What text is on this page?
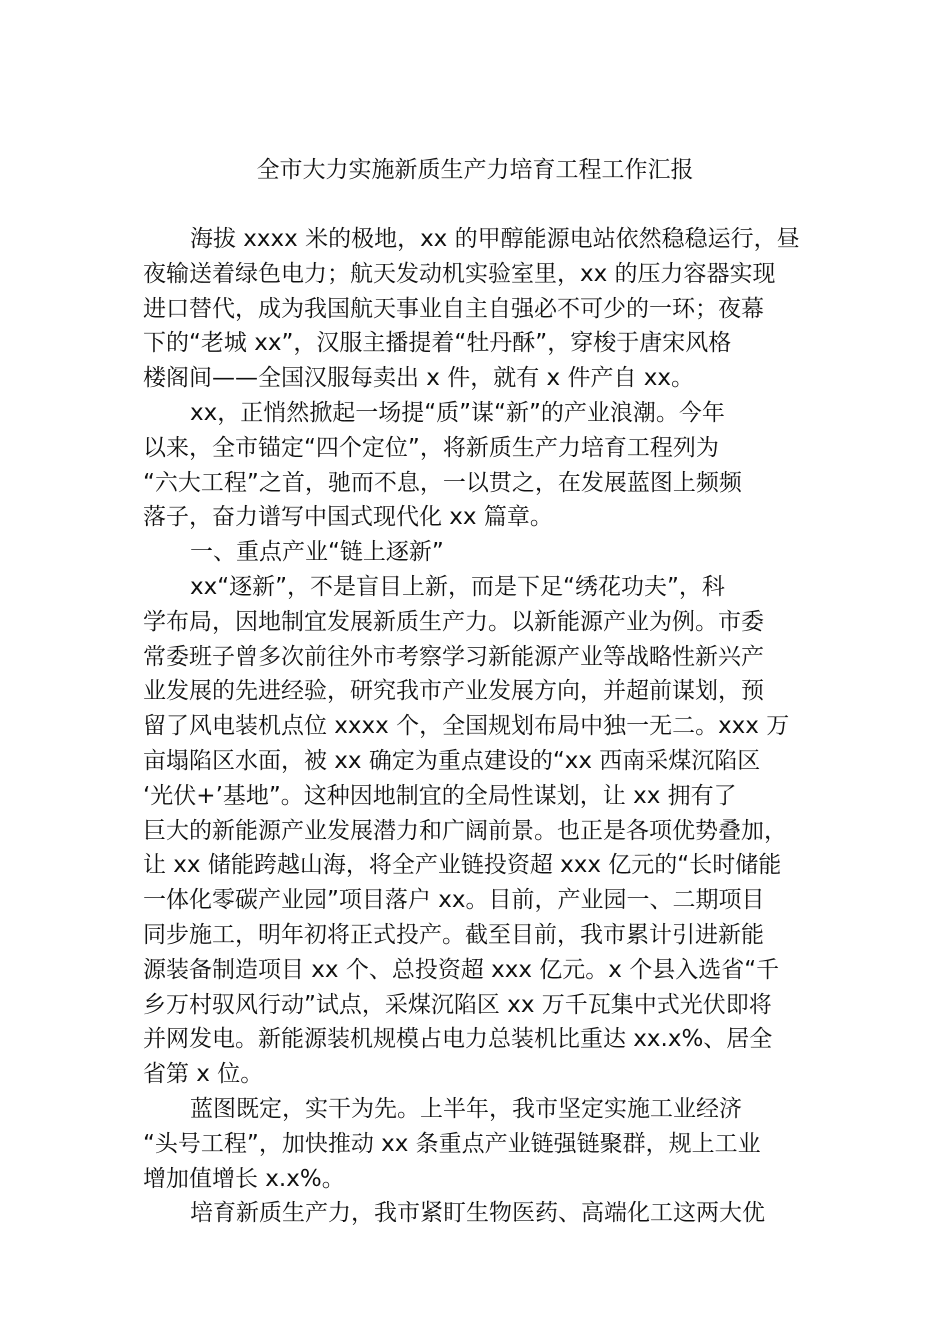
全市大力实施新质生产力培育工程工作汇报
海拔 xxxx 米的极地，xx 的甲醇能源电站依然稳稳运行，昼
夜输送着绿色电力；航天发动机实验室里，xx 的压力容器实现
进口替代，成为我国航天事业自主自强必不可少的一环；夜幕
下的“老城 xx”，汉服主播提着“牡丹酥”，穿梭于唐宋风格
楼阁间——全国汉服每卖出 x 件，就有 x 件产自 xx。
xx，正悄然掀起一场提“质”谋“新”的产业浪潮。今年
以来，全市锚定“四个定位”，将新质生产力培育工程列为
“六大工程”之首，驰而不息，一以贯之，在发展蓝图上频频
落子，奋力谱写中国式现代化 xx 篇章。
一、重点产业“链上逐新”
xx“逐新”，不是盲目上新，而是下足“绣花功夫”，科
学布局，因地制宜发展新质生产力。以新能源产业为例。市委
常委班子曾多次前往外市考察学习新能源产业等战略性新兴产
业发展的先进经验，研究我市产业发展方向，并超前谋划，预
留了风电装机点位 xxxx 个，全国规划布局中独一无二。xxx 万
亩塌陷区水面，被 xx 确定为重点建设的“xx 西南采煤沉陷区
‘光伏+’基地”。这种因地制宜的全局性谋划，让 xx 拥有了
巨大的新能源产业发展潜力和广阔前景。也正是各项优势叠加，
让 xx 储能跨越山海，将全产业链投资超 xxx 亿元的“长时储能
一体化零碳产业园”项目落户 xx。目前，产业园一、二期项目
同步施工，明年初将正式投产。截至目前，我市累计引进新能
源装备制造项目 xx 个、总投资超 xxx 亿元。x 个县入选省“千
乡万村驭风行动”试点，采煤沉陷区 xx 万千瓦集中式光伏即将
并网发电。新能源装机规模占电力总装机比重达 xx.x%、居全
省第 x 位。
蓝图既定，实干为先。上半年，我市坚定实施工业经济
“头号工程”，加快推动 xx 条重点产业链强链聚群，规上工业
增加值增长 x.x%。
培育新质生产力，我市紧盯生物医药、高端化工这两大优
